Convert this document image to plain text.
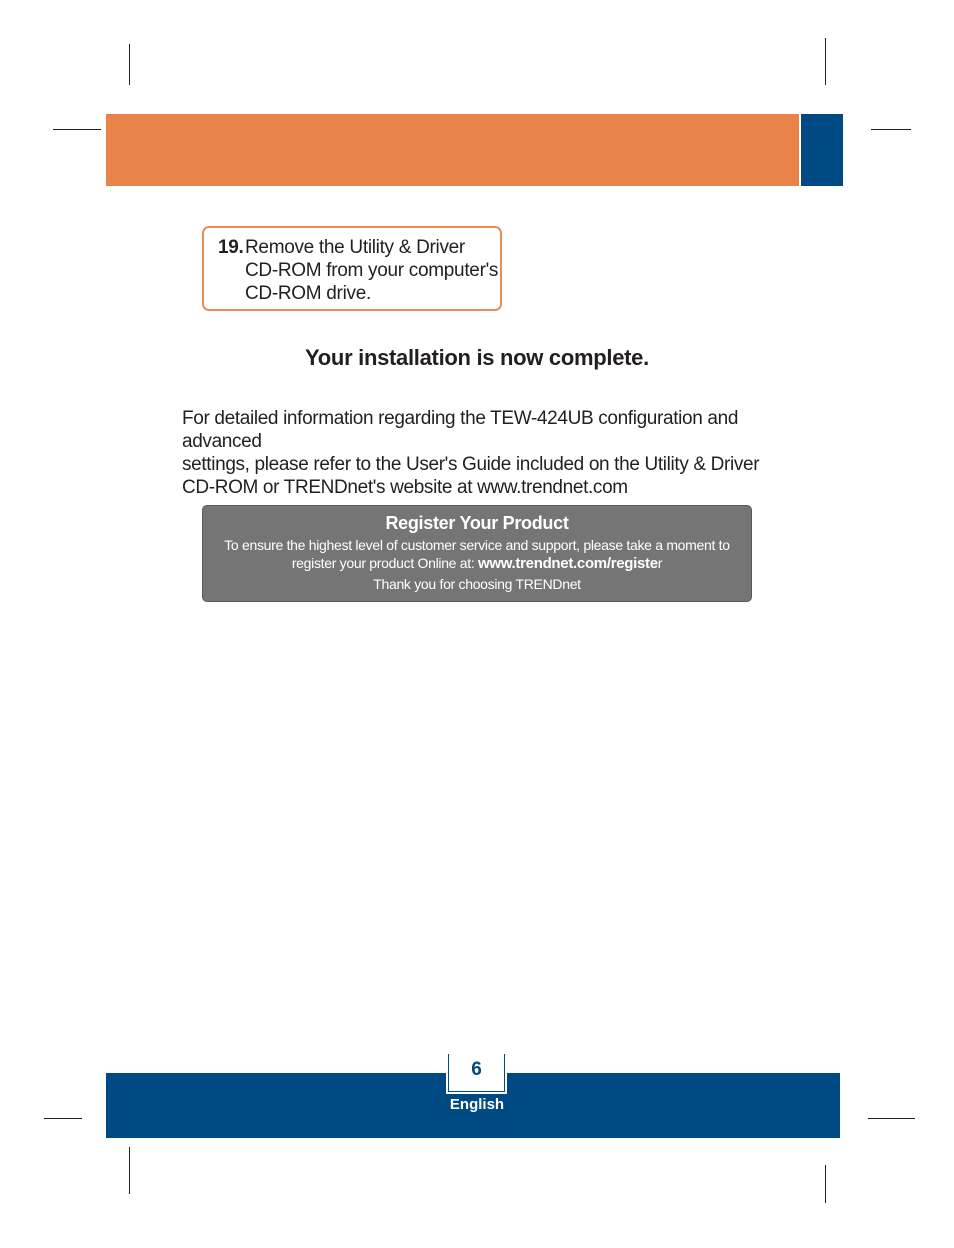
19. Remove the Utility & Driver
CD-ROM from your computer's
CD-ROM drive.
Your installation is now complete.
For detailed information regarding the TEW-424UB configuration and advanced
settings, please refer to the User's Guide included on the Utility & Driver
CD-ROM or TRENDnet's website at www.trendnet.com
Register Your Product
To ensure the highest level of customer service and support, please take a moment to
register your product Online at: www.trendnet.com/register
Thank you for choosing TRENDnet
6
English
